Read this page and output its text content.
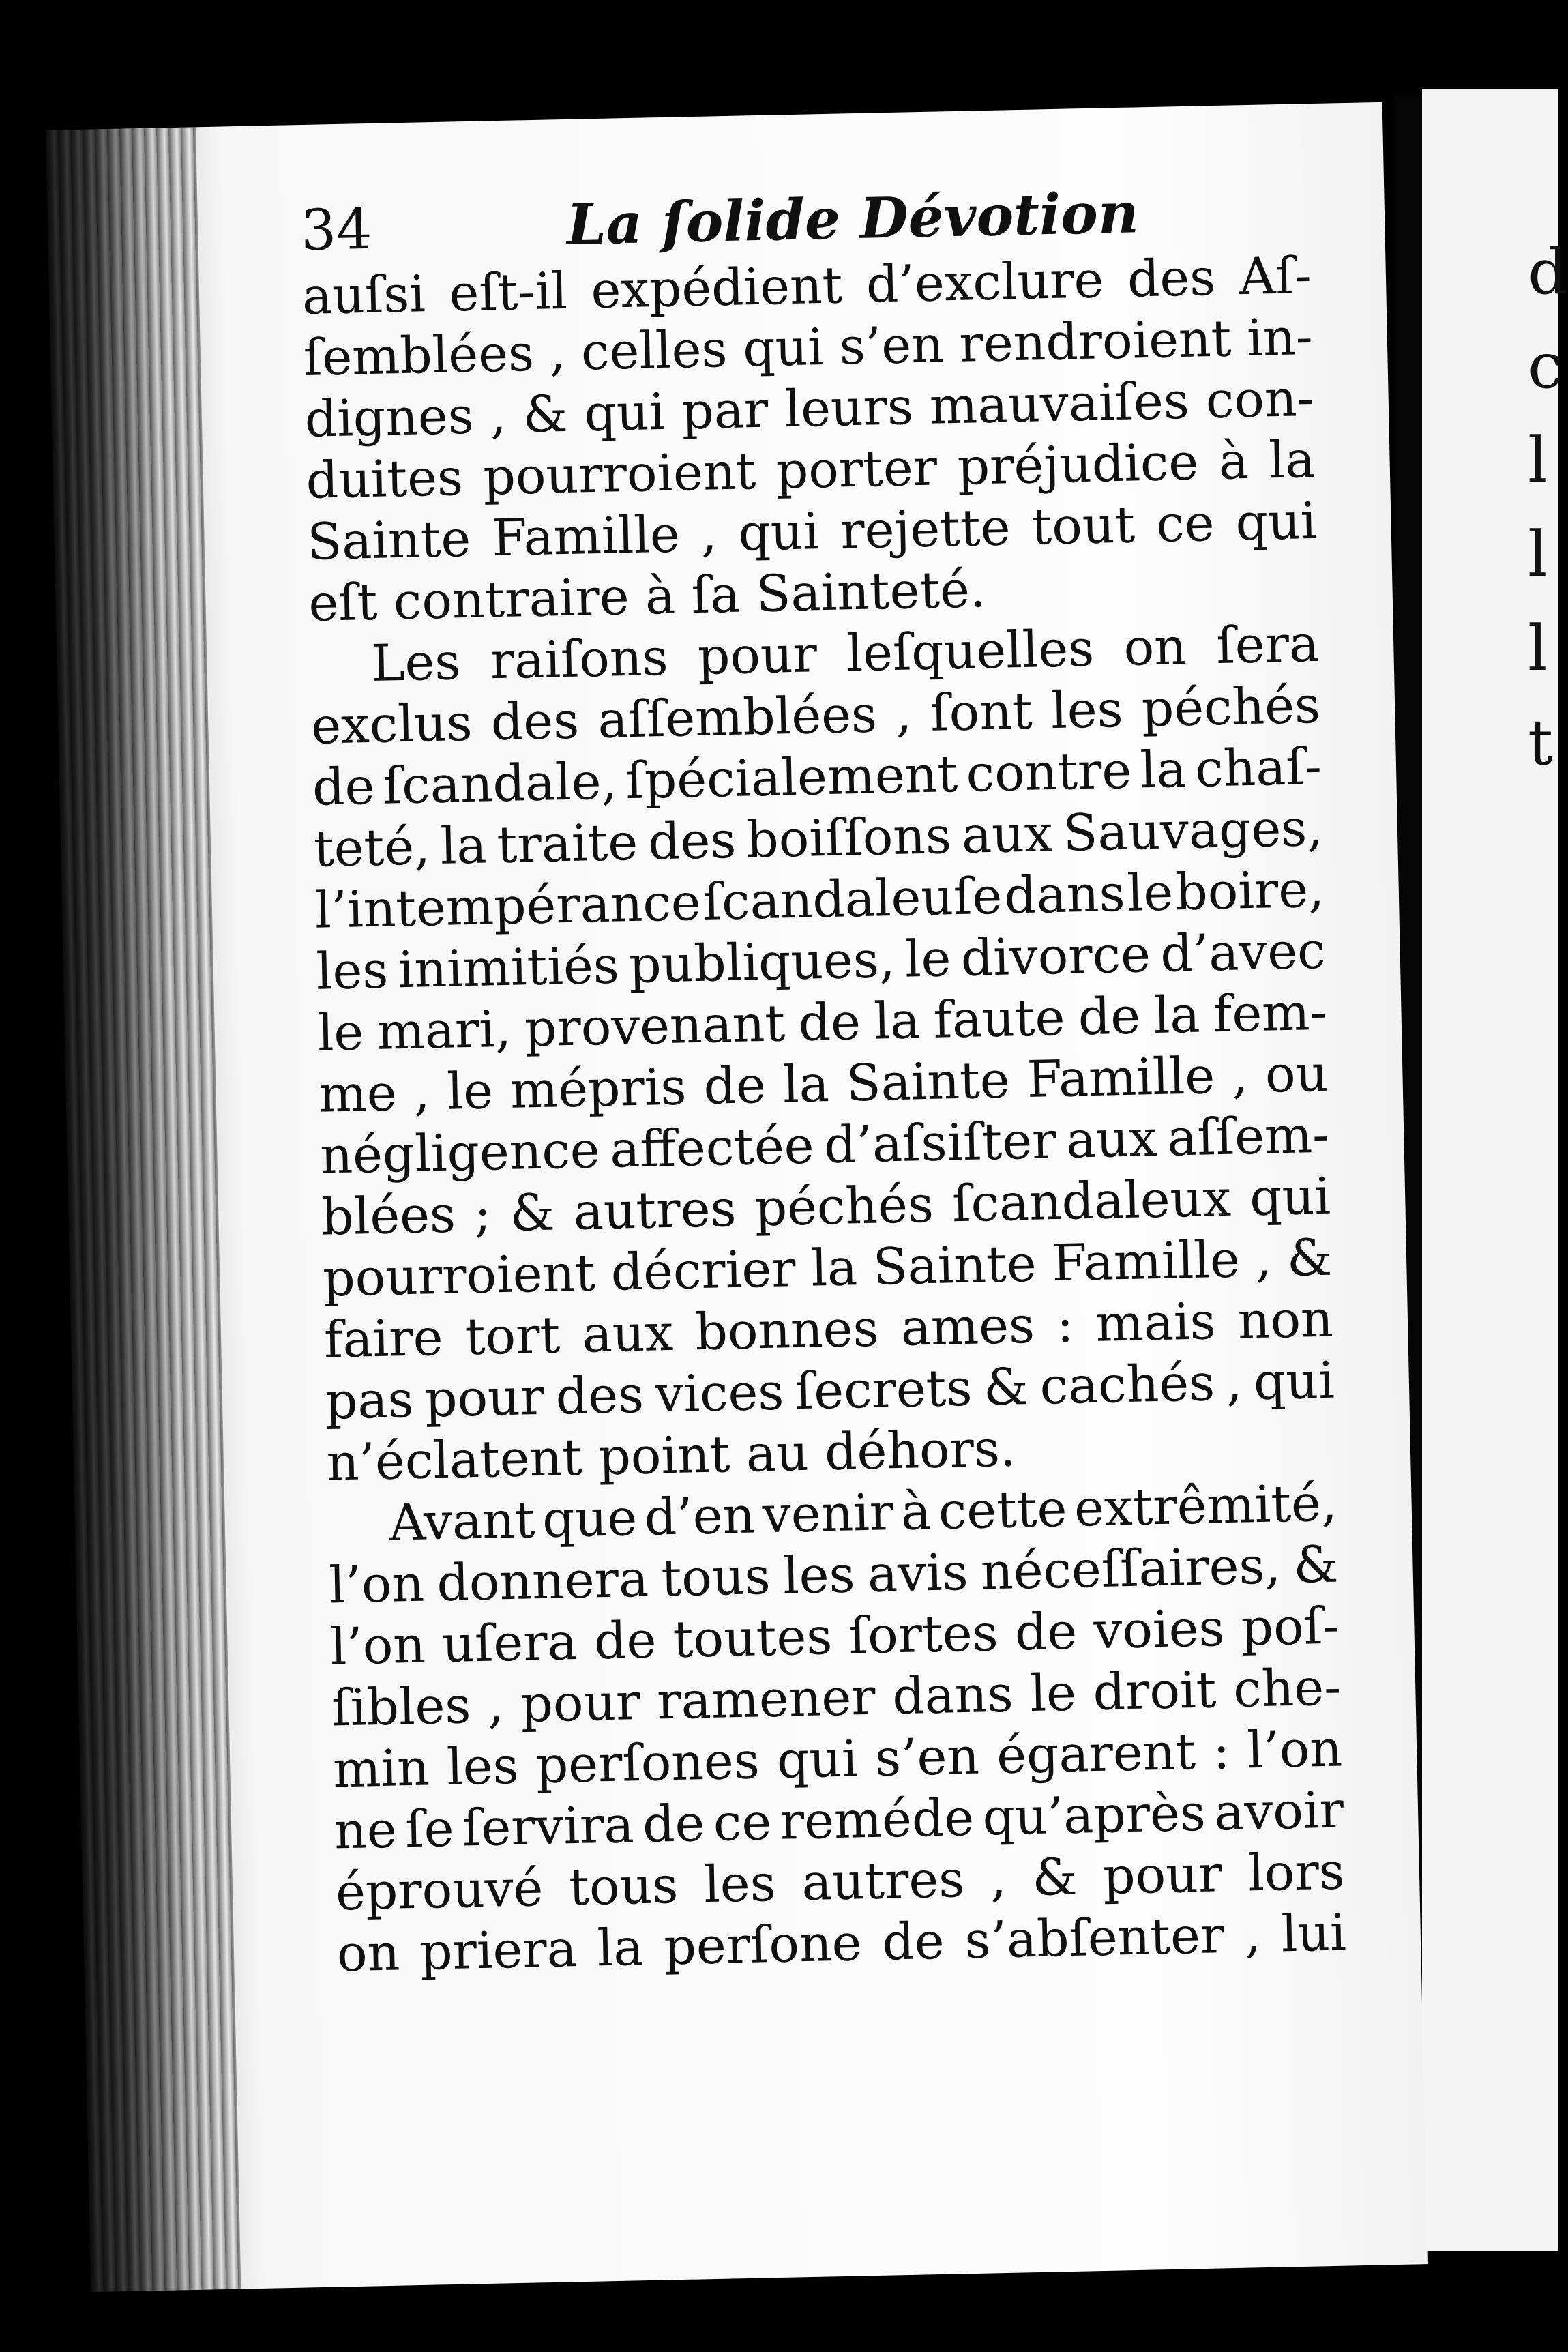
d
c
l
l
l
t
34	La ſolide Dévotion
auſsi eſt-il expédient d’exclure des Aſ-
ſemblées , celles qui s’en rendroient in-
dignes , & qui par leurs mauvaiſes con-
duites pourroient porter préjudice à la
Sainte Famille , qui rejette tout ce qui
eſt contraire à ſa Sainteté.
Les raiſons pour leſquelles on ſera
exclus des aſſemblées , ſont les péchés
de ſcandale, ſpécialement contre la chaſ-
teté, la traite des boiſſons aux Sauvages,
l’intempérance ſcandaleuſe dans le boire,
les inimitiés publiques, le divorce d’avec
le mari, provenant de la faute de la fem-
me , le mépris de la Sainte Famille , ou
négligence affectée d’aſsiſter aux aſſem-
blées ; & autres péchés ſcandaleux qui
pourroient décrier la Sainte Famille , &
faire tort aux bonnes ames : mais non
pas pour des vices ſecrets & cachés , qui
n’éclatent point au déhors.
Avant que d’en venir à cette extrêmité,
l’on donnera tous les avis néceſſaires, &
l’on uſera de toutes ſortes de voies poſ-
ſibles , pour ramener dans le droit che-
min les perſones qui s’en égarent : l’on
ne ſe ſervira de ce reméde qu’après avoir
éprouvé tous les autres , & pour lors
on priera la perſone de s’abſenter , lui
